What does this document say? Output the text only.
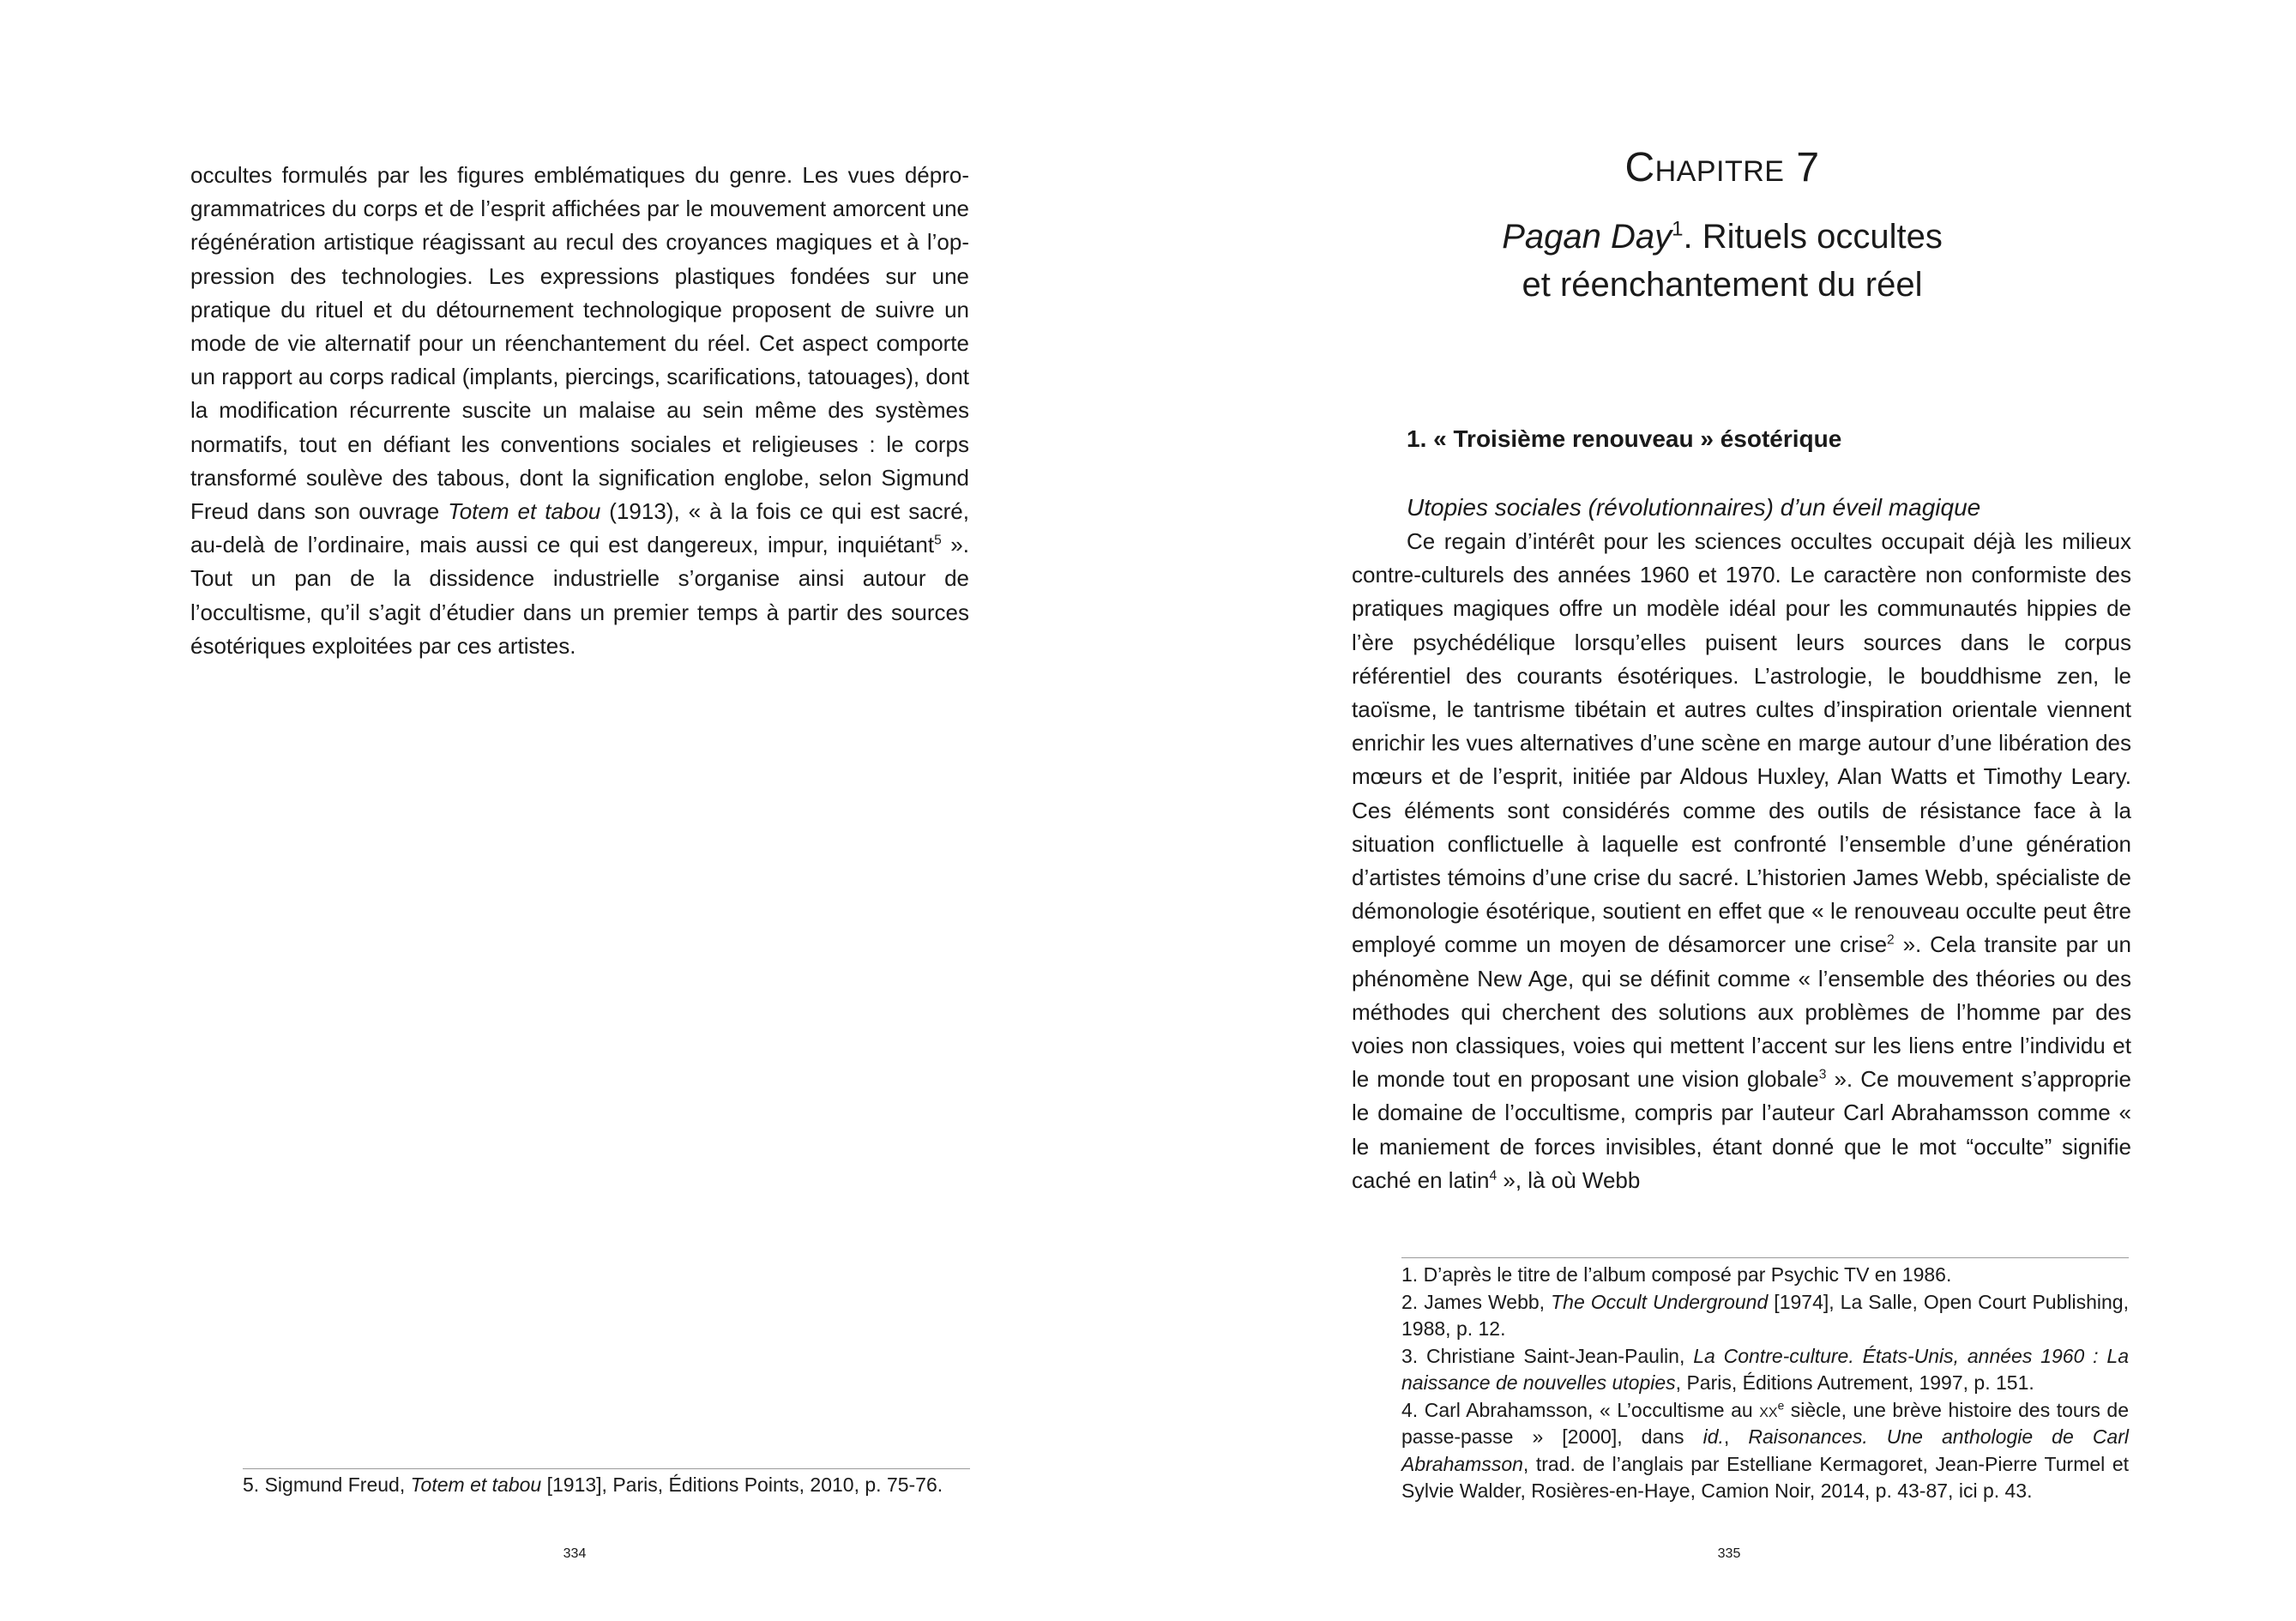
occultes formulés par les figures emblématiques du genre. Les vues déprogrammatrices du corps et de l’esprit affichées par le mouvement amorcent une régénération artistique réagissant au recul des croyances magiques et à l’oppression des technologies. Les expressions plastiques fondées sur une pratique du rituel et du détournement technologique proposent de suivre un mode de vie alternatif pour un réenchantement du réel. Cet aspect comporte un rapport au corps radical (implants, piercings, scarifications, tatouages), dont la modification récurrente suscite un malaise au sein même des systèmes normatifs, tout en défiant les conventions sociales et religieuses : le corps transformé soulève des tabous, dont la signification englobe, selon Sigmund Freud dans son ouvrage Totem et tabou (1913), « à la fois ce qui est sacré, au-delà de l’ordinaire, mais aussi ce qui est dangereux, impur, inquiétant$^5$ ». Tout un pan de la dissidence industrielle s’organise ainsi autour de l’occultisme, qu’il s’agit d’étudier dans un premier temps à partir des sources ésotériques exploitées par ces artistes.

5. Sigmund Freud, Totem et tabou [1913], Paris, Éditions Points, 2010, p. 75-76.
334
Chapitre 7
Pagan Day$^1$. Rituels occultes
et réenchantement du réel
1. « Troisième renouveau » ésotérique
Utopies sociales (révolutionnaires) d’un éveil magique

Ce regain d’intérêt pour les sciences occultes occupait déjà les milieux contre-culturels des années 1960 et 1970. Le caractère non conformiste des pratiques magiques offre un modèle idéal pour les communautés hippies de l’ère psychédélique lorsqu’elles puisent leurs sources dans le corpus référentiel des courants ésotériques. L’astrologie, le bouddhisme zen, le taoïsme, le tantrisme tibétain et autres cultes d’inspiration orientale viennent enrichir les vues alternatives d’une scène en marge autour d’une libération des mœurs et de l’esprit, initiée par Aldous Huxley, Alan Watts et Timothy Leary. Ces éléments sont considérés comme des outils de résistance face à la situation conflictuelle à laquelle est confronté l’ensemble d’une génération d’artistes témoins d’une crise du sacré. L’historien James Webb, spécialiste de démonologie ésotérique, soutient en effet que « le renouveau occulte peut être employé comme un moyen de désamorcer une crise$^2$ ». Cela transite par un phénomène New Age, qui se définit comme « l’ensemble des théories ou des méthodes qui cherchent des solutions aux problèmes de l’homme par des voies non classiques, voies qui mettent l’accent sur les liens entre l’individu et le monde tout en proposant une vision globale$^3$ ». Ce mouvement s’approprie le domaine de l’occultisme, compris par l’auteur Carl Abrahamsson comme « le maniement de forces invisibles, étant donné que le mot “occulte” signifie caché en latin$^4$ », là où Webb

1. D’après le titre de l’album composé par Psychic TV en 1986.

2. James Webb, The Occult Underground [1974], La Salle, Open Court Publishing, 1988, p. 12.

3. Christiane Saint-Jean-Paulin, La Contre-culture. États-Unis, années 1960 : La naissance de nouvelles utopies, Paris, Éditions Autrement, 1997, p. 151.

4. Carl Abrahamsson, « L’occultisme au $xx^e$ siècle, une brève histoire des tours de passe-passe » [2000], dans id., Raisonances. Une anthologie de Carl Abrahamsson, trad. de l’anglais par Estelliane Kermagoret, Jean-Pierre Turmel et Sylvie Walder, Rosières-en-Haye, Camion Noir, 2014, p. 43-87, ici p. 43.

335
